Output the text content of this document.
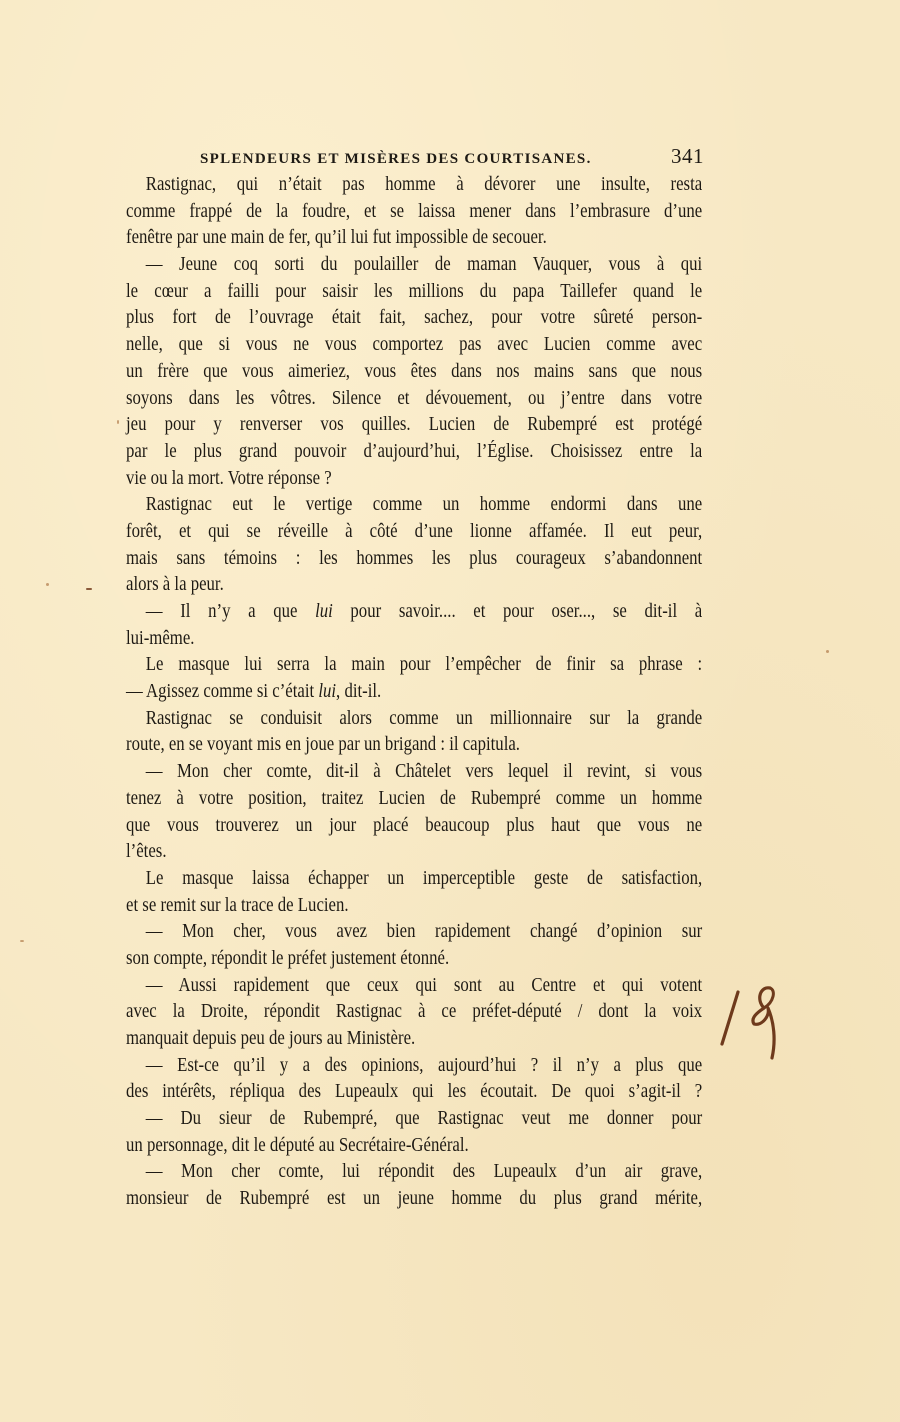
SPLENDEURS ET MISÈRES DES COURTISANES.	341
Rastignac, qui n’était pas homme à dévorer une insulte, resta
comme frappé de la foudre, et se laissa mener dans l’embrasure d’une
fenêtre par une main de fer, qu’il lui fut impossible de secouer.
— Jeune coq sorti du poulailler de maman Vauquer, vous à qui
le cœur a failli pour saisir les millions du papa Taillefer quand le
plus fort de l’ouvrage était fait, sachez, pour votre sûreté person-
nelle, que si vous ne vous comportez pas avec Lucien comme avec
un frère que vous aimeriez, vous êtes dans nos mains sans que nous
soyons dans les vôtres. Silence et dévouement, ou j’entre dans votre
jeu pour y renverser vos quilles. Lucien de Rubempré est protégé
par le plus grand pouvoir d’aujourd’hui, l’Église. Choisissez entre la
vie ou la mort. Votre réponse ?
Rastignac eut le vertige comme un homme endormi dans une
forêt, et qui se réveille à côté d’une lionne affamée. Il eut peur,
mais sans témoins : les hommes les plus courageux s’abandonnent
alors à la peur.
— Il n’y a que lui pour savoir.... et pour oser..., se dit-il à
lui-même.
Le masque lui serra la main pour l’empêcher de finir sa phrase :
— Agissez comme si c’était lui, dit-il.
Rastignac se conduisit alors comme un millionnaire sur la grande
route, en se voyant mis en joue par un brigand : il capitula.
— Mon cher comte, dit-il à Châtelet vers lequel il revint, si vous
tenez à votre position, traitez Lucien de Rubempré comme un homme
que vous trouverez un jour placé beaucoup plus haut que vous ne
l’êtes.
Le masque laissa échapper un imperceptible geste de satisfaction,
et se remit sur la trace de Lucien.
— Mon cher, vous avez bien rapidement changé d’opinion sur
son compte, répondit le préfet justement étonné.
— Aussi rapidement que ceux qui sont au Centre et qui votent
avec la Droite, répondit Rastignac à ce préfet-député / dont la voix
manquait depuis peu de jours au Ministère.
— Est-ce qu’il y a des opinions, aujourd’hui ? il n’y a plus que
des intérêts, répliqua des Lupeaulx qui les écoutait. De quoi s’agit-il ?
— Du sieur de Rubempré, que Rastignac veut me donner pour
un personnage, dit le député au Secrétaire-Général.
— Mon cher comte, lui répondit des Lupeaulx d’un air grave,
monsieur de Rubempré est un jeune homme du plus grand mérite,
